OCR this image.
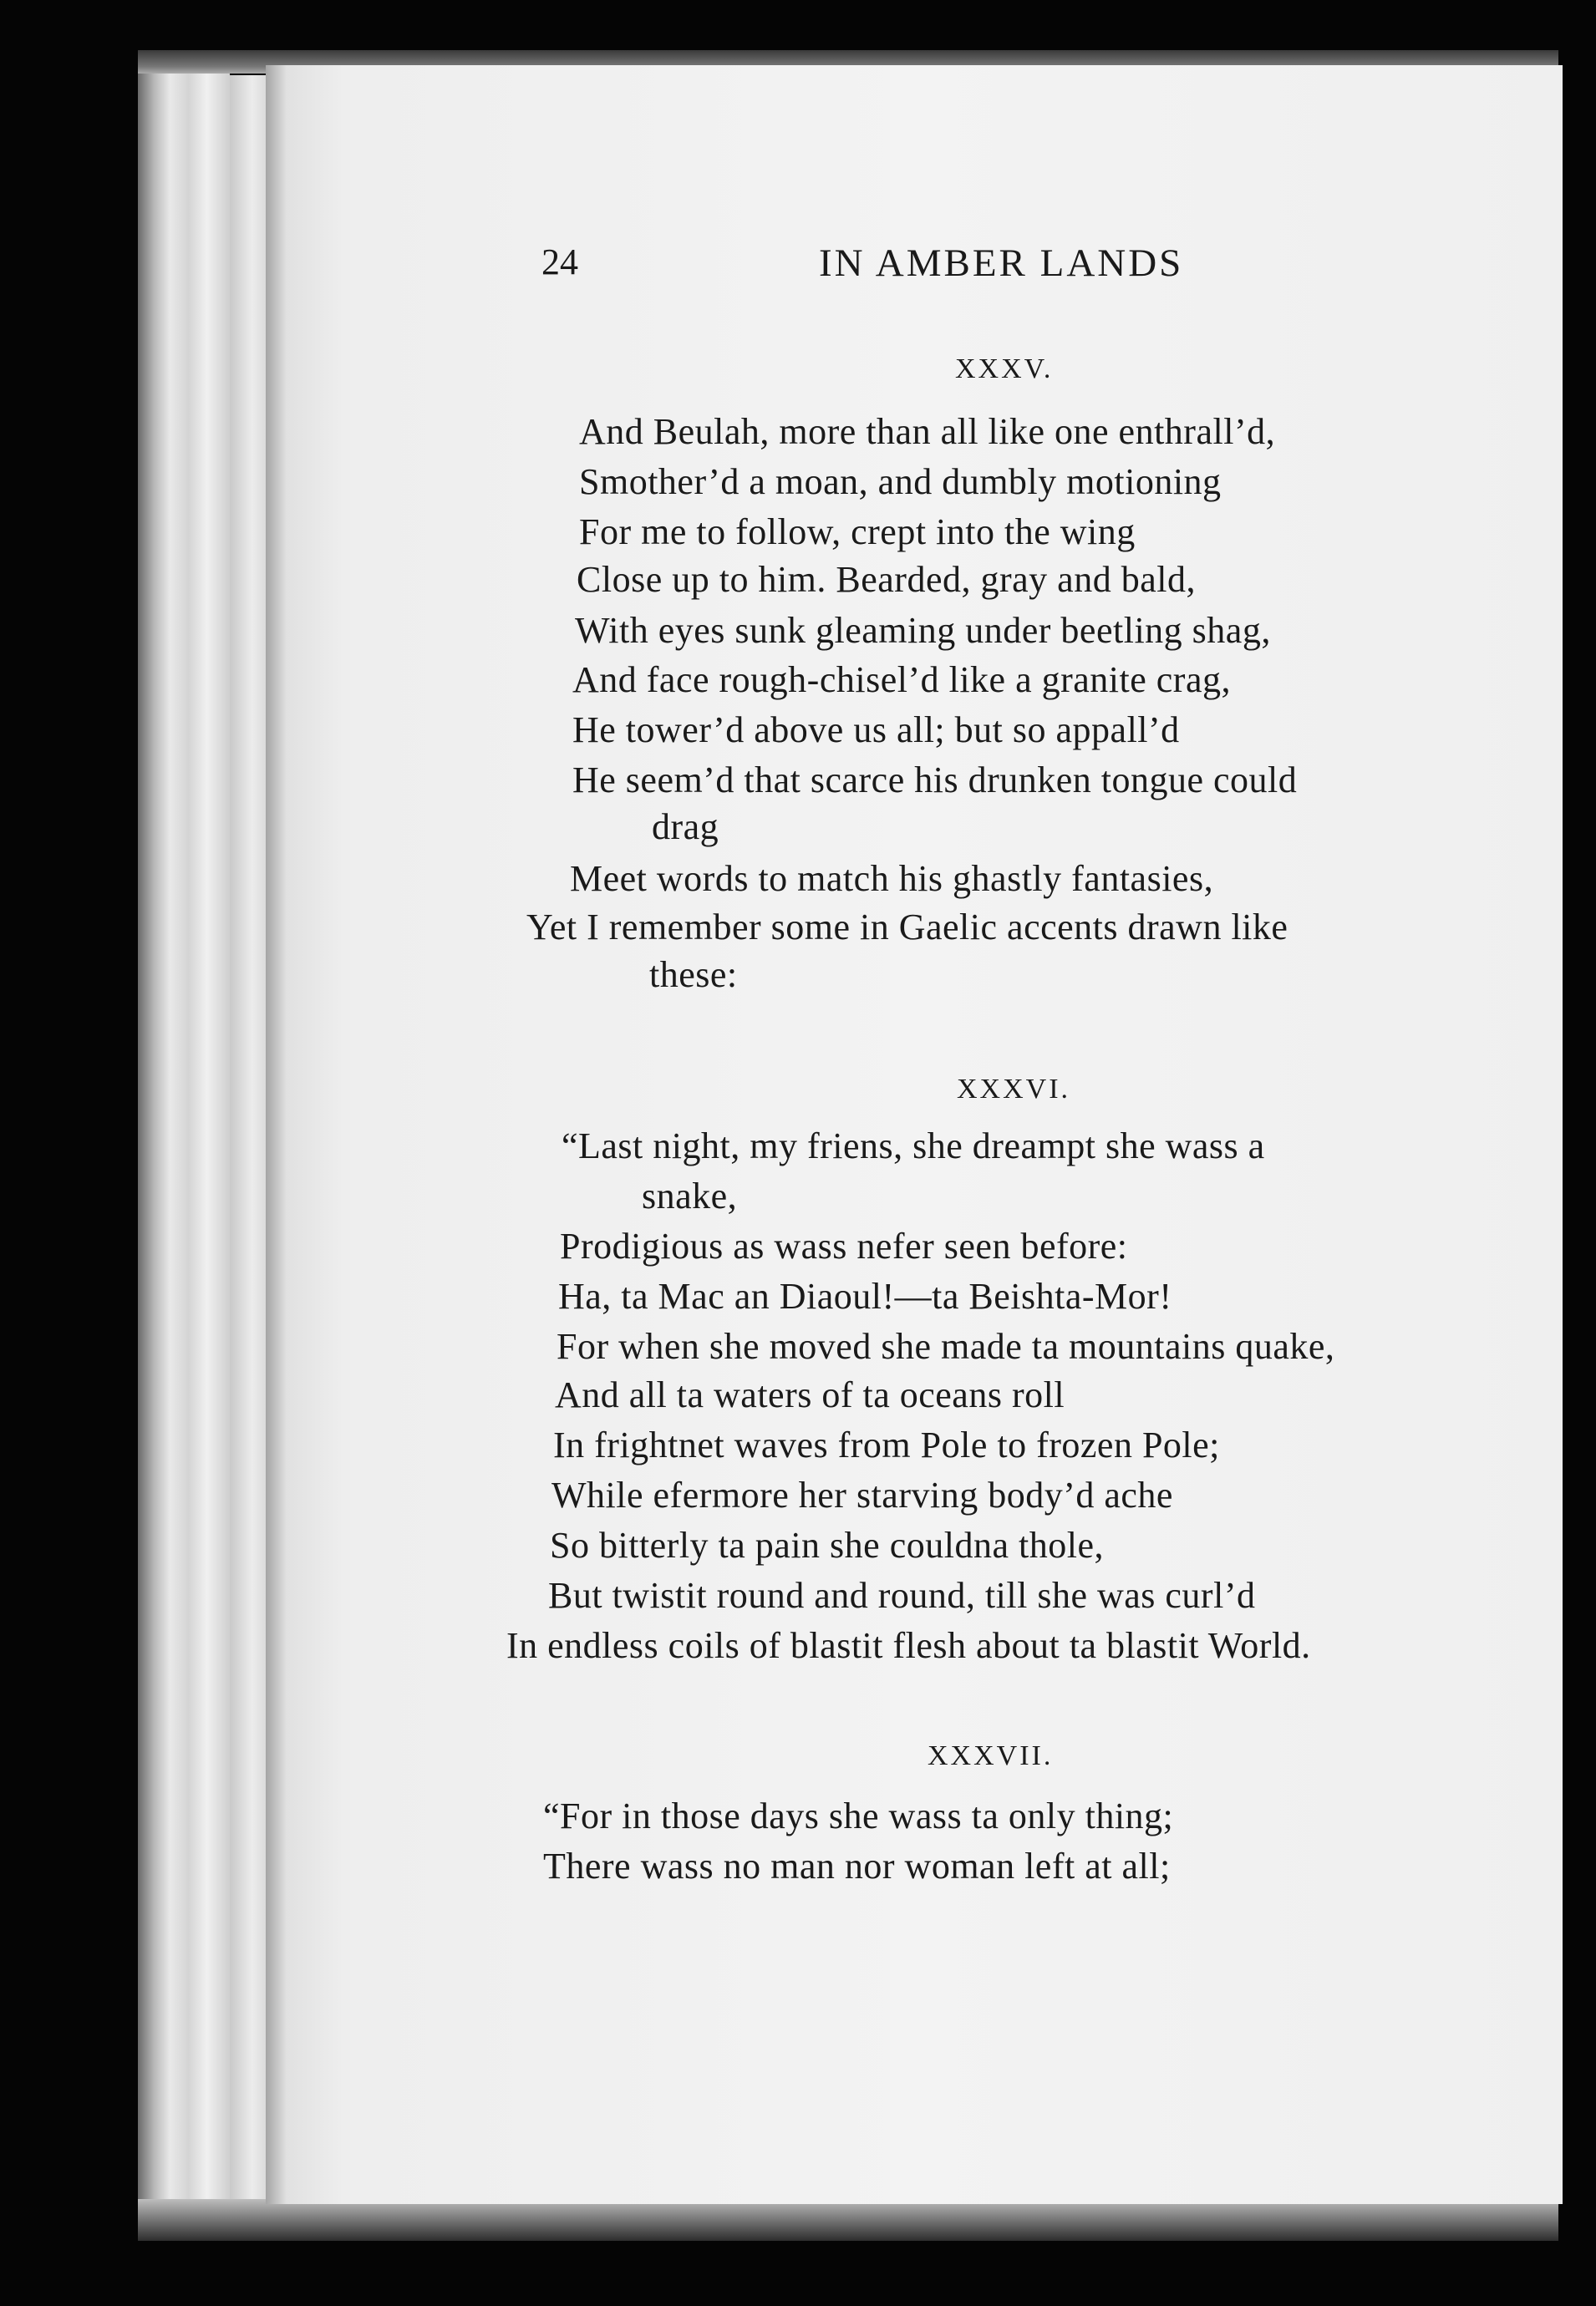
24	IN AMBER LANDS
XXXV.
And Beulah, more than all like one enthrall’d,
Smother’d a moan, and dumbly motioning
For me to follow, crept into the wing
Close up to him. Bearded, gray and bald,
With eyes sunk gleaming under beetling shag,
And face rough-chisel’d like a granite crag,
He tower’d above us all; but so appall’d
He seem’d that scarce his drunken tongue could
drag
Meet words to match his ghastly fantasies,
Yet I remember some in Gaelic accents drawn like
these:
XXXVI.
“Last night, my friens, she dreampt she wass a
snake,
Prodigious as wass nefer seen before:
Ha, ta Mac an Diaoul!—ta Beishta-Mor!
For when she moved she made ta mountains quake,
And all ta waters of ta oceans roll
In frightnet waves from Pole to frozen Pole;
While efermore her starving body’d ache
So bitterly ta pain she couldna thole,
But twistit round and round, till she was curl’d
In endless coils of blastit flesh about ta blastit World.
XXXVII.
“For in those days she wass ta only thing;
There wass no man nor woman left at all;
